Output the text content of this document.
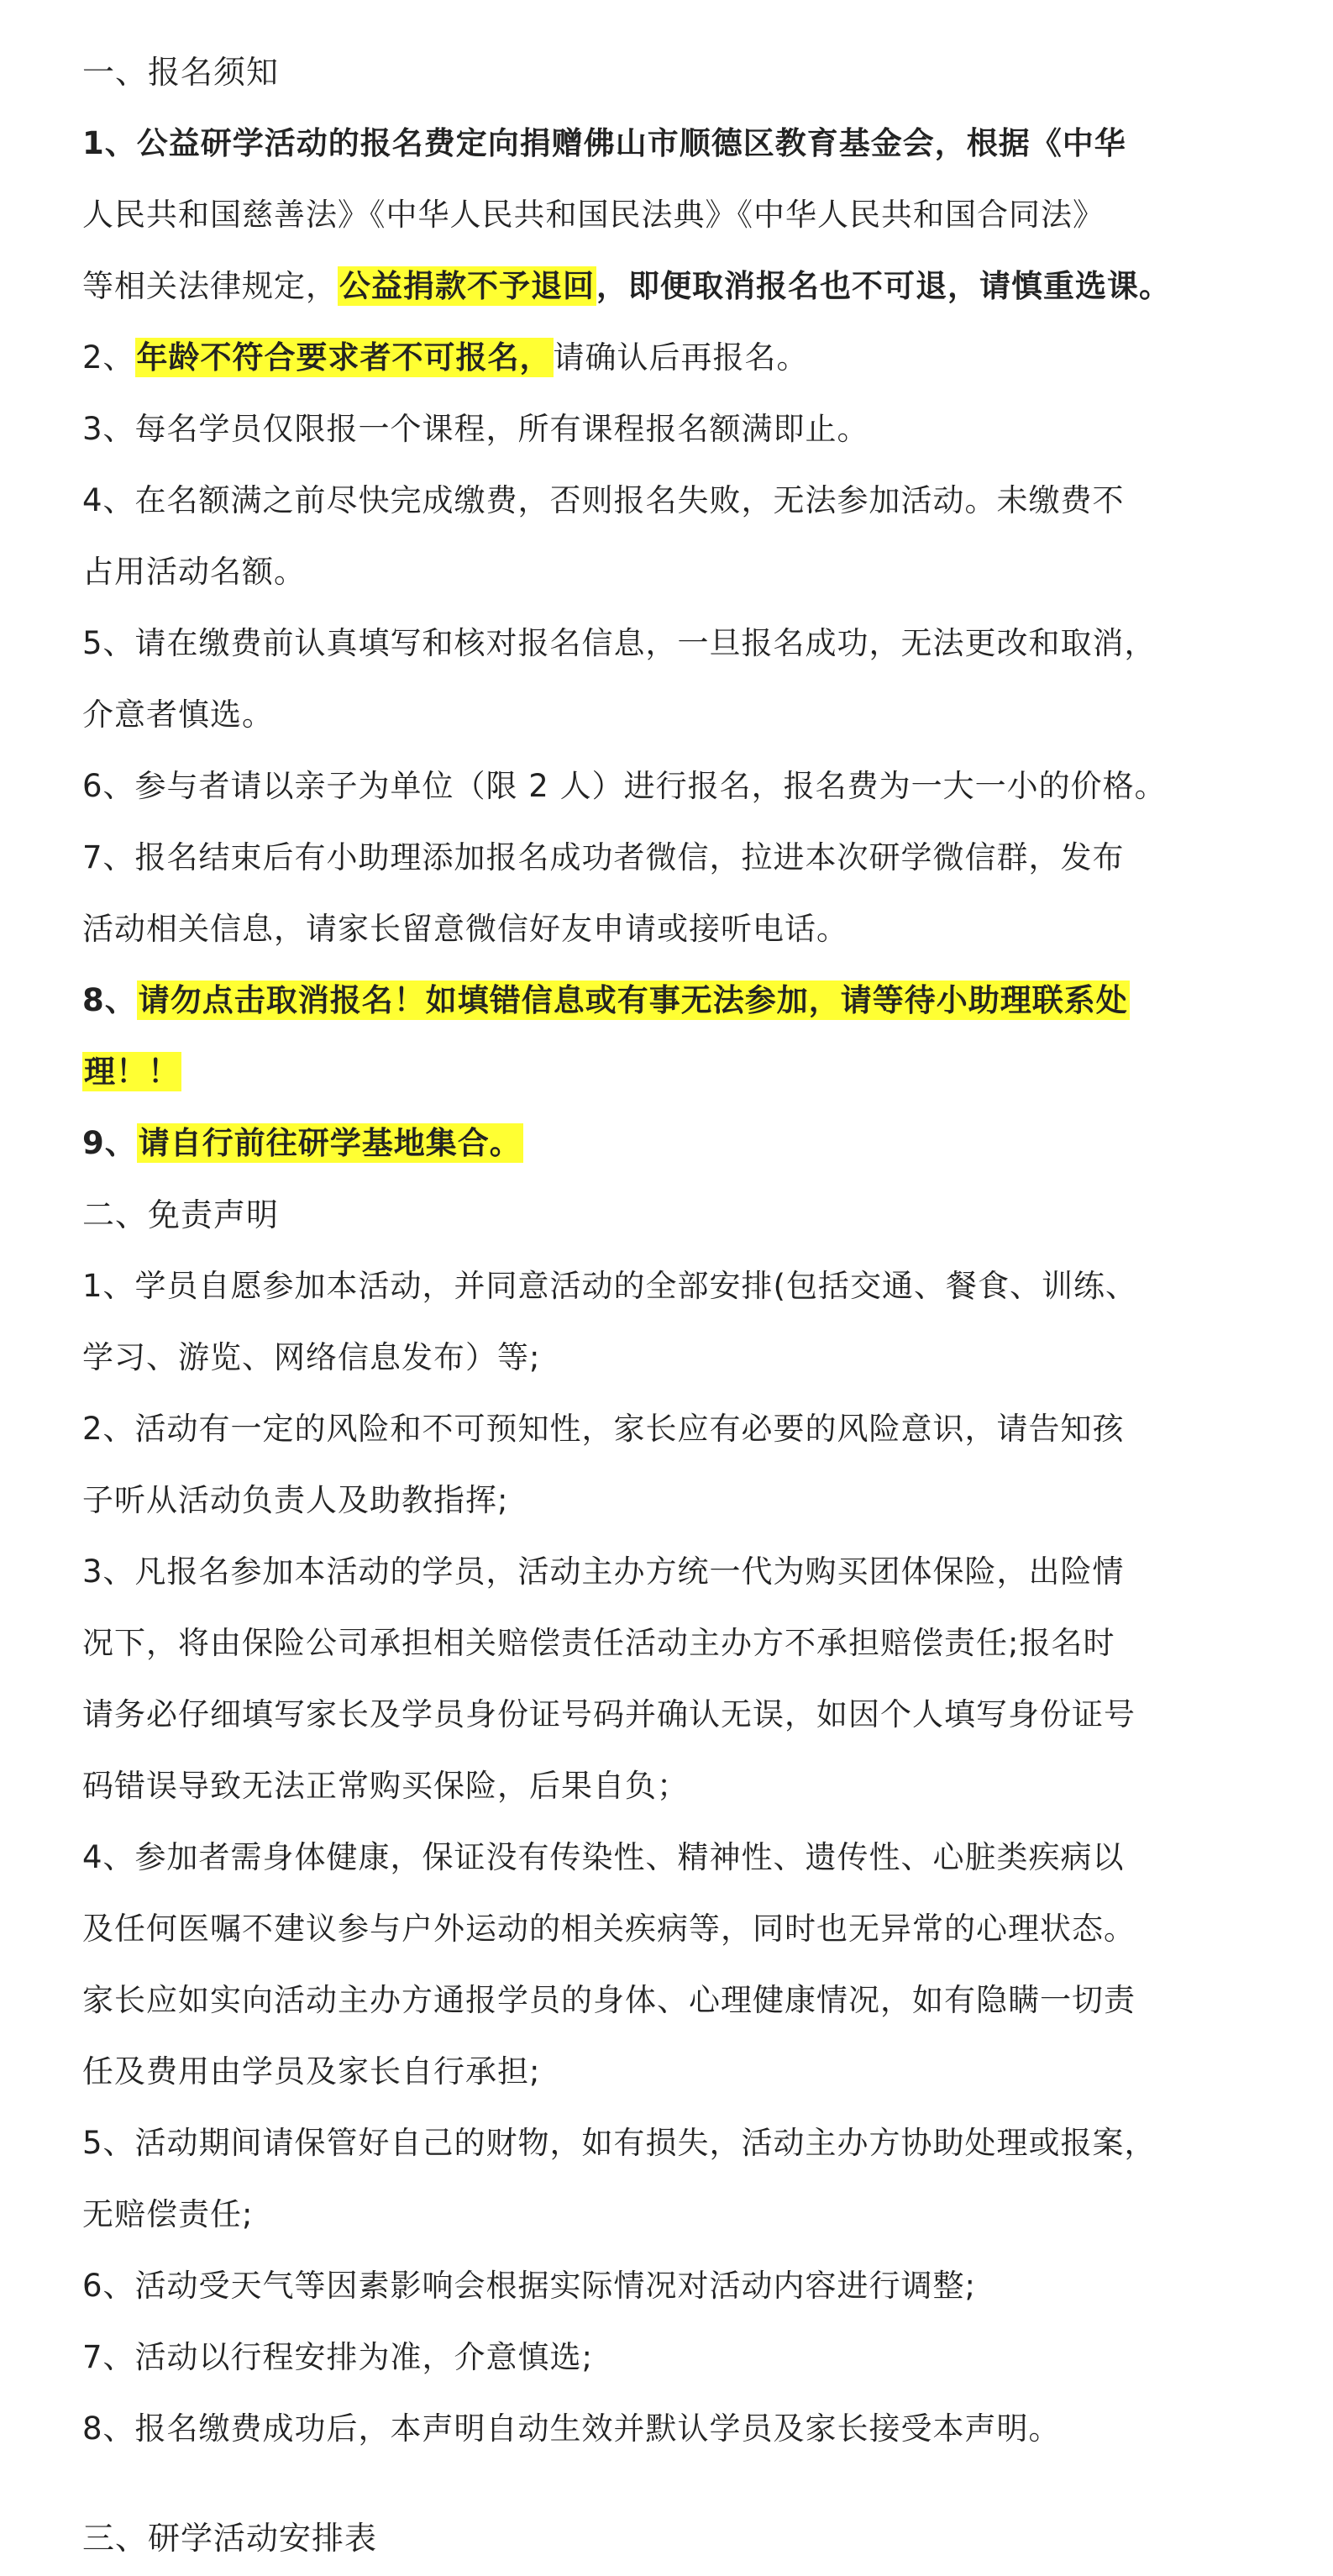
一、报名须知
1、公益研学活动的报名费定向捐赠佛山市顺德区教育基金会，根据《中华
人民共和国慈善法》《中华人民共和国民法典》《中华人民共和国合同法》
等相关法律规定，公益捐款不予退回，即便取消报名也不可退，请慎重选课。
2、年龄不符合要求者不可报名，请确认后再报名。
3、每名学员仅限报一个课程，所有课程报名额满即止。
4、在名额满之前尽快完成缴费，否则报名失败，无法参加活动。未缴费不
占用活动名额。
5、请在缴费前认真填写和核对报名信息，一旦报名成功，无法更改和取消，
介意者慎选。
6、参与者请以亲子为单位（限 2 人）进行报名，报名费为一大一小的价格。
7、报名结束后有小助理添加报名成功者微信，拉进本次研学微信群，发布
活动相关信息，请家长留意微信好友申请或接听电话。
8、请勿点击取消报名！如填错信息或有事无法参加，请等待小助理联系处
理！！
9、请自行前往研学基地集合。
二、免责声明
1、学员自愿参加本活动，并同意活动的全部安排(包括交通、餐食、训练、
学习、游览、网络信息发布）等;
2、活动有一定的风险和不可预知性，家长应有必要的风险意识，请告知孩
子听从活动负责人及助教指挥;
3、凡报名参加本活动的学员，活动主办方统一代为购买团体保险，出险情
况下，将由保险公司承担相关赔偿责任活动主办方不承担赔偿责任;报名时
请务必仔细填写家长及学员身份证号码并确认无误，如因个人填写身份证号
码错误导致无法正常购买保险，后果自负；
4、参加者需身体健康，保证没有传染性、精神性、遗传性、心脏类疾病以
及任何医嘱不建议参与户外运动的相关疾病等，同时也无异常的心理状态。
家长应如实向活动主办方通报学员的身体、心理健康情况，如有隐瞒一切责
任及费用由学员及家长自行承担;
5、活动期间请保管好自己的财物，如有损失，活动主办方协助处理或报案，
无赔偿责任;
6、活动受天气等因素影响会根据实际情况对活动内容进行调整;
7、活动以行程安排为准，介意慎选;
8、报名缴费成功后，本声明自动生效并默认学员及家长接受本声明。
三、研学活动安排表
